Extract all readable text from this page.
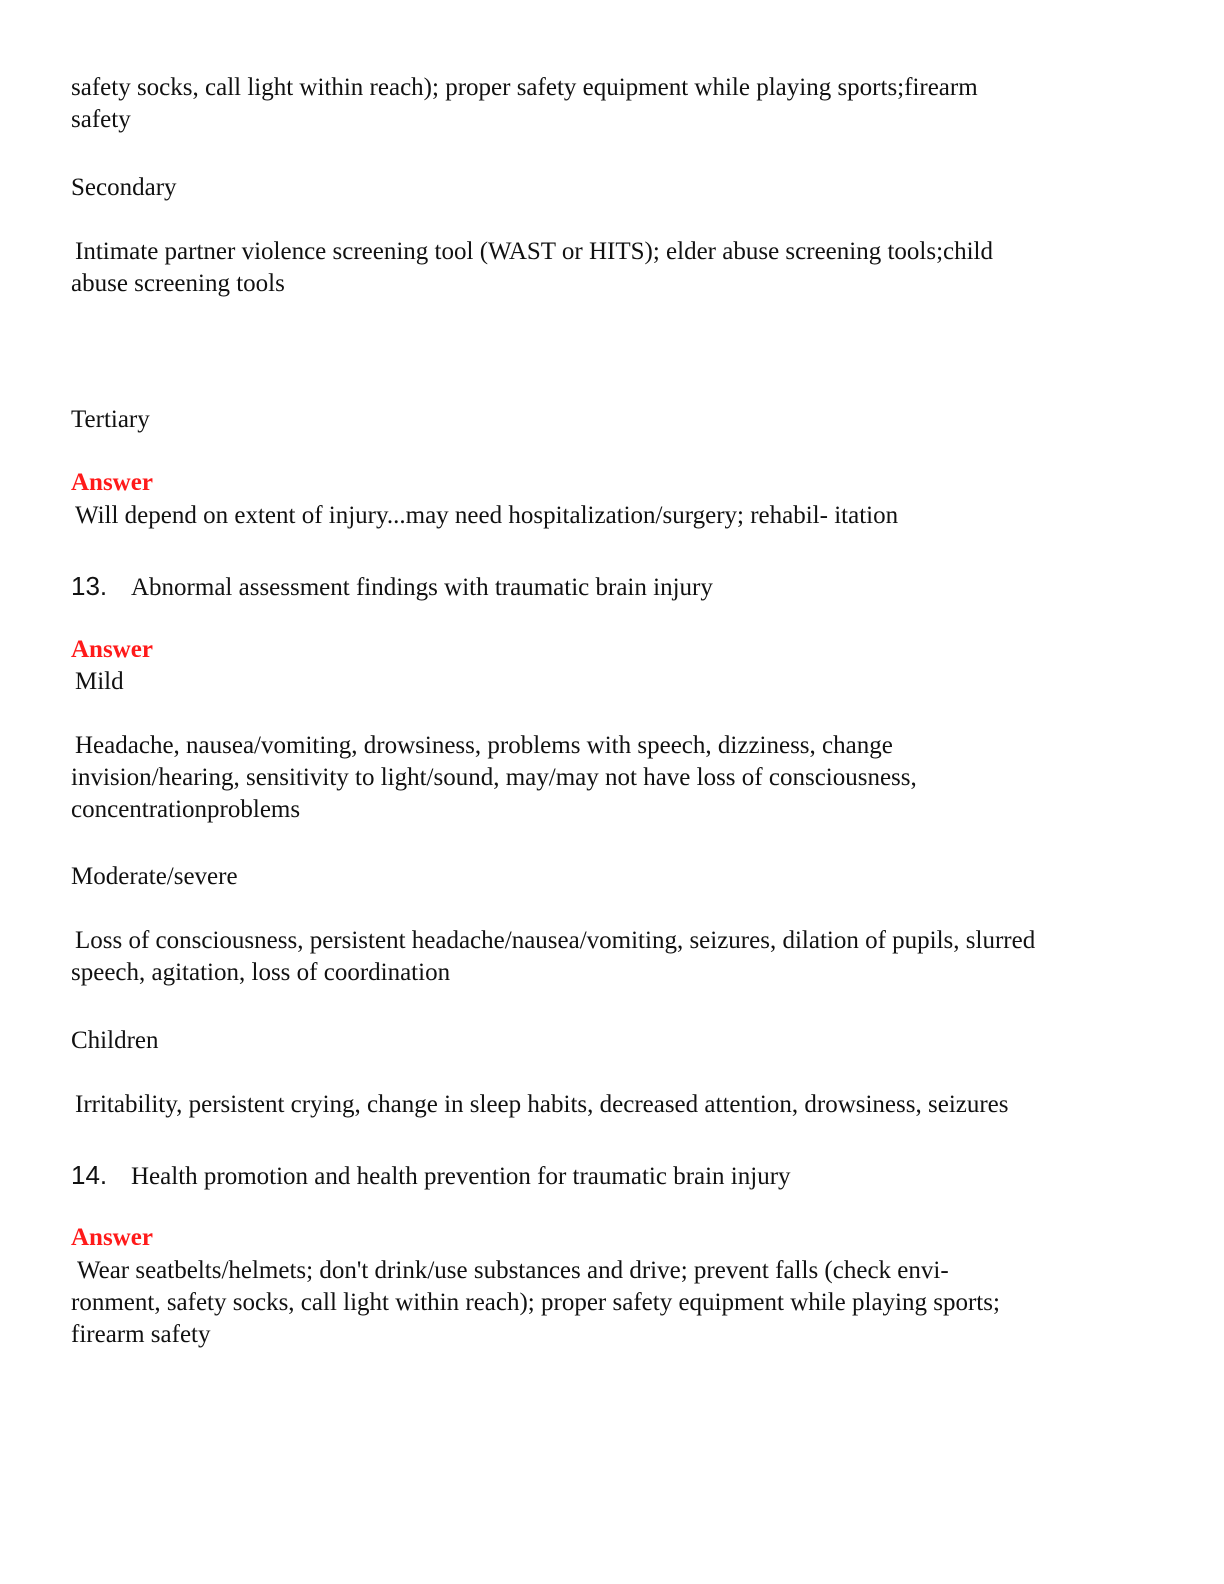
safety socks, call light within reach); proper safety equipment while playing sports;firearm
safety
Secondary
Intimate partner violence screening tool (WAST or HITS); elder abuse screening tools;child
abuse screening tools
Tertiary
Answer
Will depend on extent of injury...may need hospitalization/surgery; rehabil- itation
13. Abnormal assessment findings with traumatic brain injury
Answer
Mild
Headache, nausea/vomiting, drowsiness, problems with speech, dizziness, change
invision/hearing, sensitivity to light/sound, may/may not have loss of consciousness,
concentrationproblems
Moderate/severe
Loss of consciousness, persistent headache/nausea/vomiting, seizures, dilation of pupils, slurred
speech, agitation, loss of coordination
Children
Irritability, persistent crying, change in sleep habits, decreased attention, drowsiness, seizures
14. Health promotion and health prevention for traumatic brain injury
Answer
Wear seatbelts/helmets; don't drink/use substances and drive; prevent falls (check envi-
ronment, safety socks, call light within reach); proper safety equipment while playing sports;
firearm safety
